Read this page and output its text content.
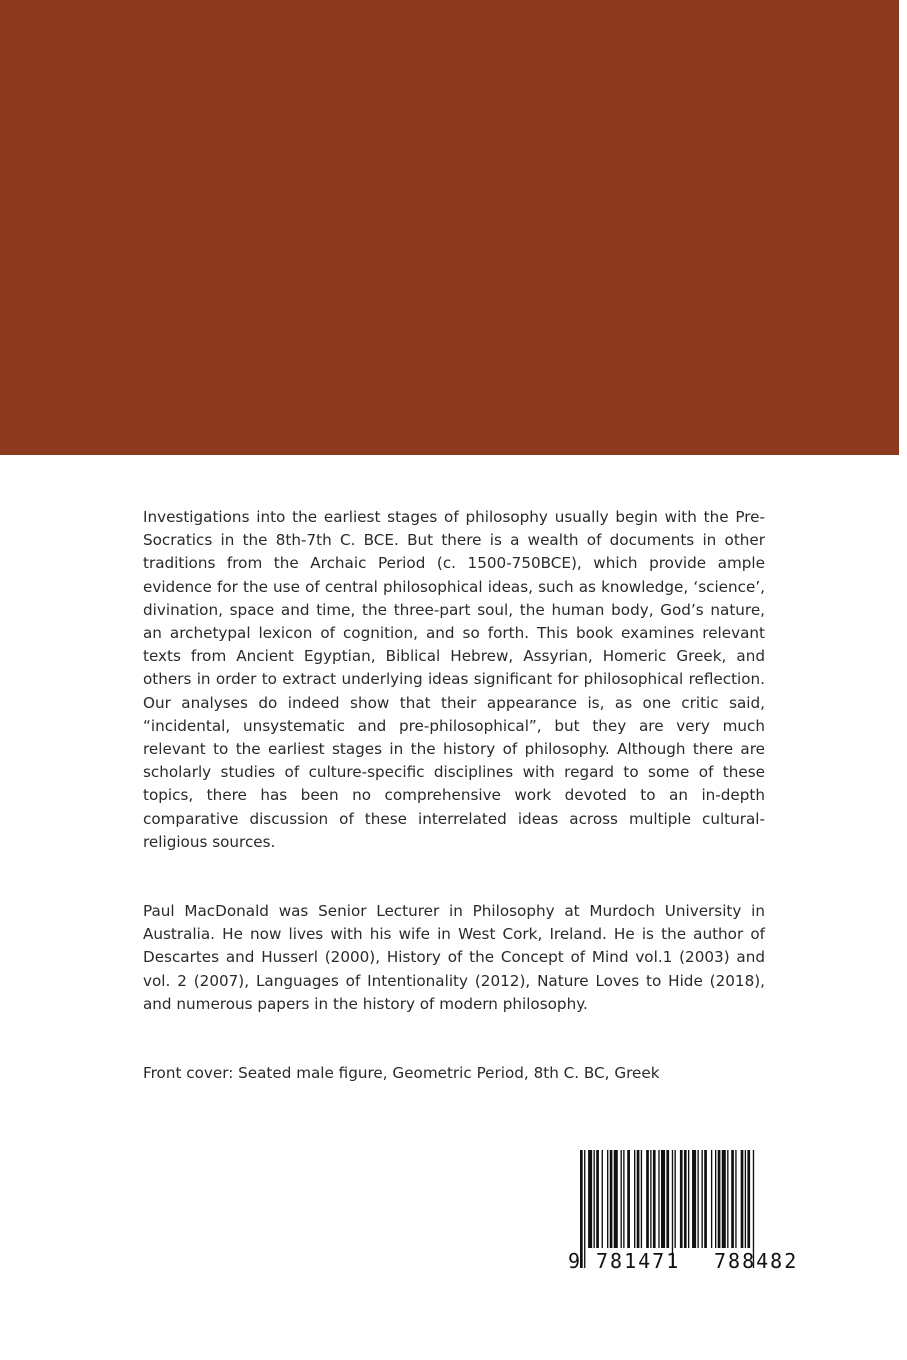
Investigations into the earliest stages of philosophy usually begin with the Pre-Socratics in the 8th-7th C. BCE. But there is a wealth of documents in other traditions from the Archaic Period (c. 1500-750BCE), which provide ample evidence for the use of central philosophical ideas, such as knowledge, ‘science’, divination, space and time, the three-part soul, the human body, God’s nature, an archetypal lexicon of cognition, and so forth. This book examines relevant texts from Ancient Egyptian, Biblical Hebrew, Assyrian, Homeric Greek, and others in order to extract underlying ideas significant for philosophical reflection. Our analyses do indeed show that their appearance is, as one critic said, “incidental, unsystematic and pre-philosophical”, but they are very much relevant to the earliest stages in the history of philosophy. Although there are scholarly studies of culture-specific disciplines with regard to some of these topics, there has been no comprehensive work devoted to an in-depth comparative discussion of these interrelated ideas across multiple cultural-religious sources.

Paul MacDonald was Senior Lecturer in Philosophy at Murdoch University in Australia. He now lives with his wife in West Cork, Ireland. He is the author of Descartes and Husserl (2000), History of the Concept of Mind vol.1 (2003) and vol. 2 (2007), Languages of Intentionality (2012), Nature Loves to Hide (2018), and numerous papers in the history of modern philosophy.

Front cover: Seated male figure, Geometric Period, 8th C. BC, Greek

9 781471 788482
